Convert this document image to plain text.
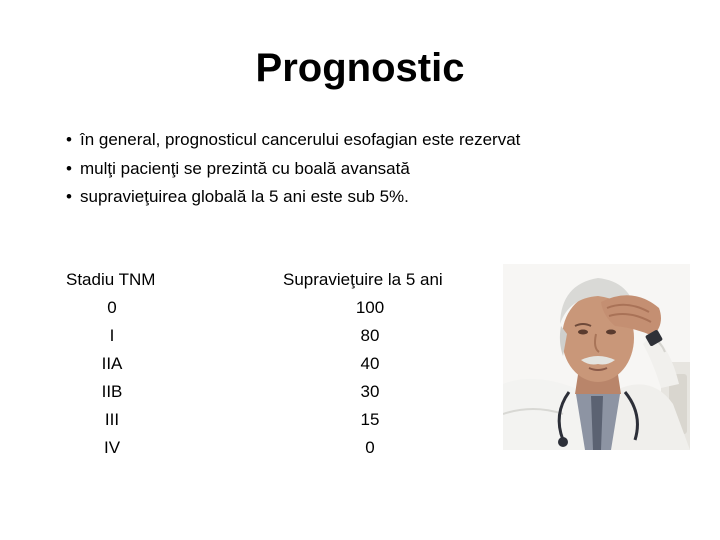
Prognostic
• în general, prognosticul cancerului esofagian este rezervat
• mulţi pacienţi se prezintă cu boală avansată
• supravieţuirea globală la 5 ani este sub 5%.
Stadiu TNM	Supravieţuire la 5 ani
0	100
I	80
IIA	40
IIB	30
III	15
IV	0
